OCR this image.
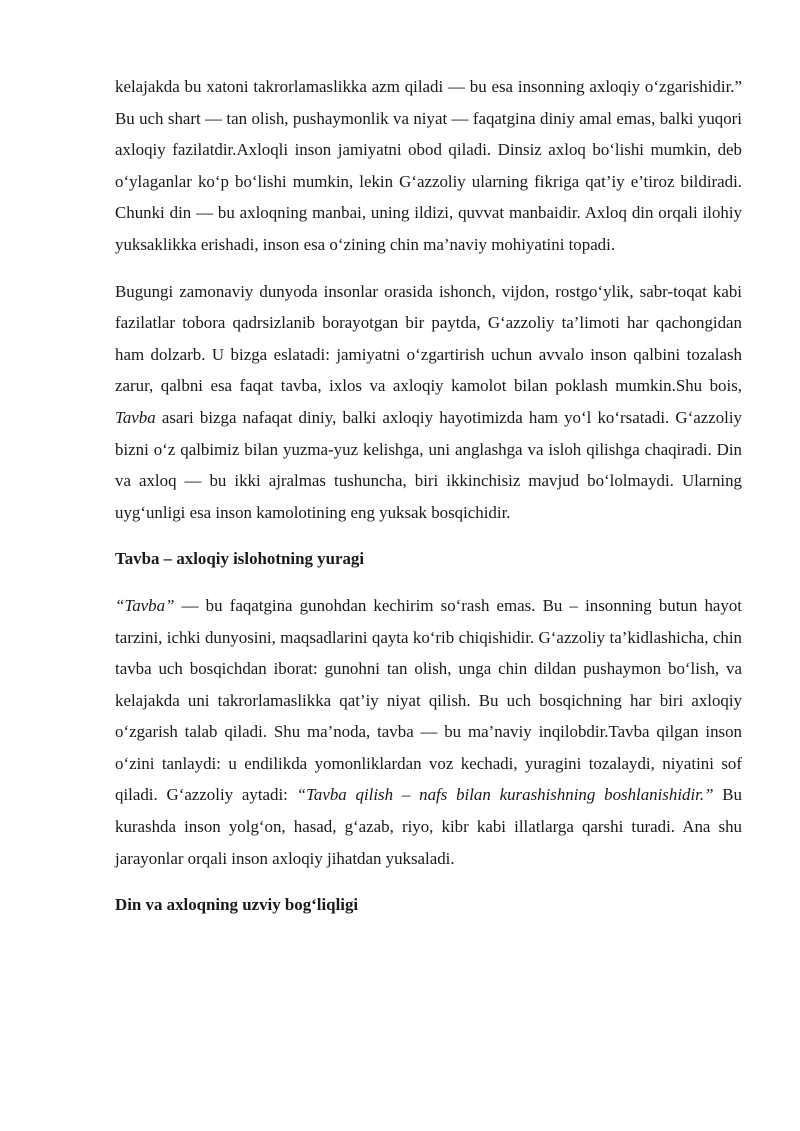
kelajakda bu xatoni takrorlamaslikka azm qiladi — bu esa insonning axloqiy o‘zgarishidir.” Bu uch shart — tan olish, pushaymonlik va niyat — faqatgina diniy amal emas, balki yuqori axloqiy fazilatdir.Axloqli inson jamiyatni obod qiladi. Dinsiz axloq bo‘lishi mumkin, deb o‘ylaganlar ko‘p bo‘lishi mumkin, lekin G‘azzoliy ularning fikriga qat’iy e’tiroz bildiradi. Chunki din — bu axloqning manbai, uning ildizi, quvvat manbaidir. Axloq din orqali ilohiy yuksaklikka erishadi, inson esa o‘zining chin ma’naviy mohiyatini topadi.

Bugungi zamonaviy dunyoda insonlar orasida ishonch, vijdon, rostgo‘ylik, sabr-toqat kabi fazilatlar tobora qadrsizlanib borayotgan bir paytda, G‘azzoliy ta’limoti har qachongidan ham dolzarb. U bizga eslatadi: jamiyatni o‘zgartirish uchun avvalo inson qalbini tozalash zarur, qalbni esa faqat tavba, ixlos va axloqiy kamolot bilan poklash mumkin.Shu bois, Tavba asari bizga nafaqat diniy, balki axloqiy hayotimizda ham yo‘l ko‘rsatadi. G‘azzoliy bizni o‘z qalbimiz bilan yuzma-yuz kelishga, uni anglashga va isloh qilishga chaqiradi. Din va axloq — bu ikki ajralmas tushuncha, biri ikkinchisiz mavjud bo‘lolmaydi. Ularning uyg‘unligi esa inson kamolotining eng yuksak bosqichidir.

Tavba – axloqiy islohotning yuragi

“Tavba” — bu faqatgina gunohdan kechirim so‘rash emas. Bu – insonning butun hayot tarzini, ichki dunyosini, maqsadlarini qayta ko‘rib chiqishidir. G‘azzoliy ta’kidlashicha, chin tavba uch bosqichdan iborat: gunohni tan olish, unga chin dildan pushaymon bo‘lish, va kelajakda uni takrorlamaslikka qat’iy niyat qilish. Bu uch bosqichning har biri axloqiy o‘zgarish talab qiladi. Shu ma’noda, tavba — bu ma’naviy inqilobdir.Tavba qilgan inson o‘zini tanlaydi: u endilikda yomonliklardan voz kechadi, yuragini tozalaydi, niyatini sof qiladi. G‘azzoliy aytadi: “Tavba qilish – nafs bilan kurashishning boshlanishidir.” Bu kurashda inson yolg‘on, hasad, g‘azab, riyo, kibr kabi illatlarga qarshi turadi. Ana shu jarayonlar orqali inson axloqiy jihatdan yuksaladi.

Din va axloqning uzviy bog‘liqligi
